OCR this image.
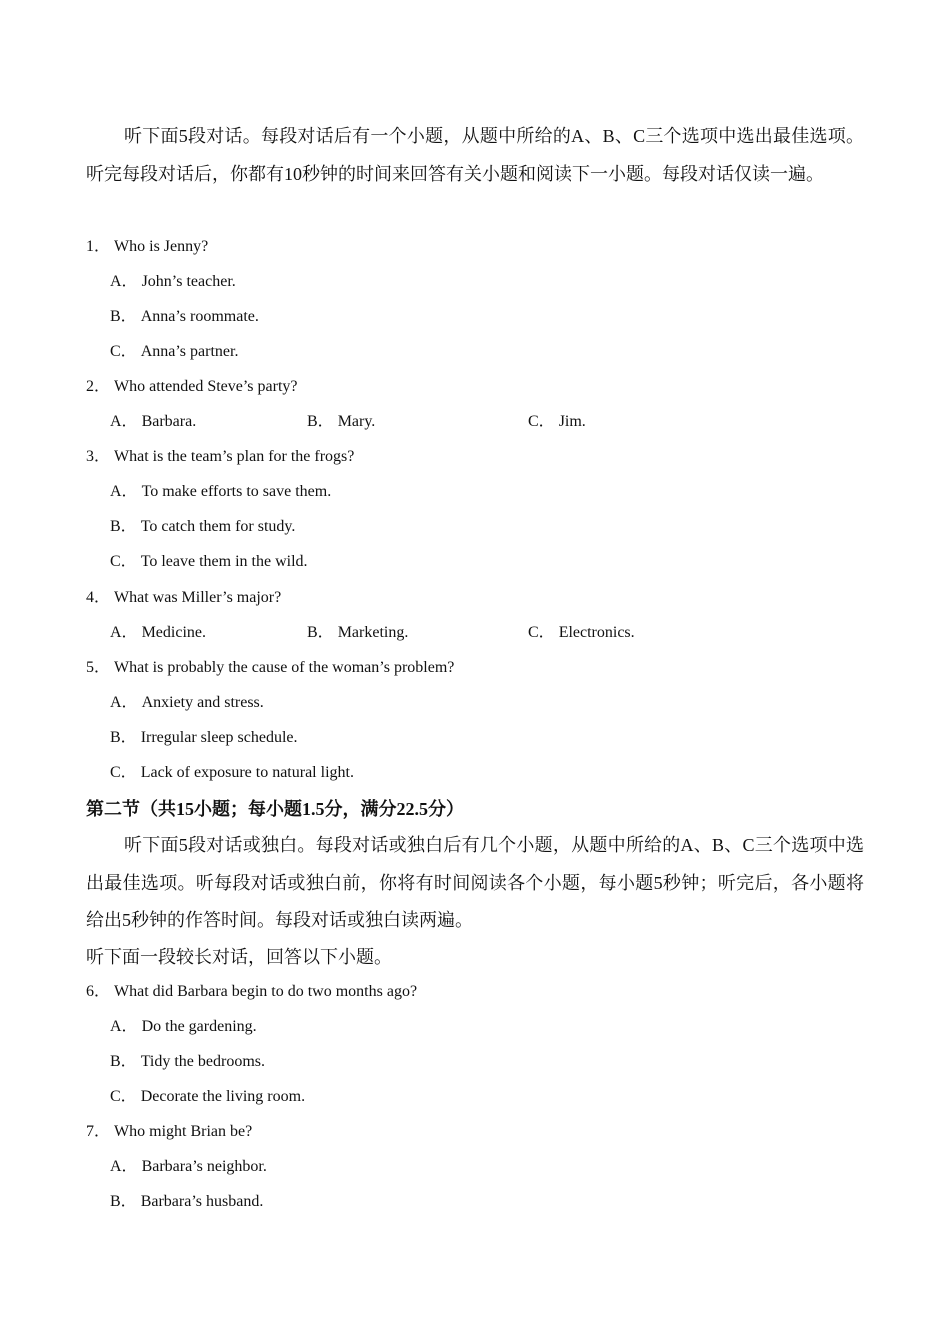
听下面5段对话。每段对话后有一个小题，从题中所给的A、B、C三个选项中选出最佳选项。听完每段对话后，你都有10秒钟的时间来回答有关小题和阅读下一小题。每段对话仅读一遍。

1． Who is Jenny?
A． John’s teacher.
B． Anna’s roommate.
C． Anna’s partner.
2． Who attended Steve’s party?
A． Barbara.	B． Mary.	C． Jim.
3． What is the team’s plan for the frogs?
A． To make efforts to save them.
B． To catch them for study.
C． To leave them in the wild.
4． What was Miller’s major?
A． Medicine.	B． Marketing.	C． Electronics.
5． What is probably the cause of the woman’s problem?
A． Anxiety and stress.
B． Irregular sleep schedule.
C． Lack of exposure to natural light.
第二节（共15小题；每小题1.5分，满分22.5分）

听下面5段对话或独白。每段对话或独白后有几个小题，从题中所给的A、B、C三个选项中选出最佳选项。听每段对话或独白前，你将有时间阅读各个小题，每小题5秒钟；听完后，各小题将给出5秒钟的作答时间。每段对话或独白读两遍。

听下面一段较长对话，回答以下小题。
6． What did Barbara begin to do two months ago?
A． Do the gardening.
B． Tidy the bedrooms.
C． Decorate the living room.
7． Who might Brian be?
A． Barbara’s neighbor.
B． Barbara’s husband.
